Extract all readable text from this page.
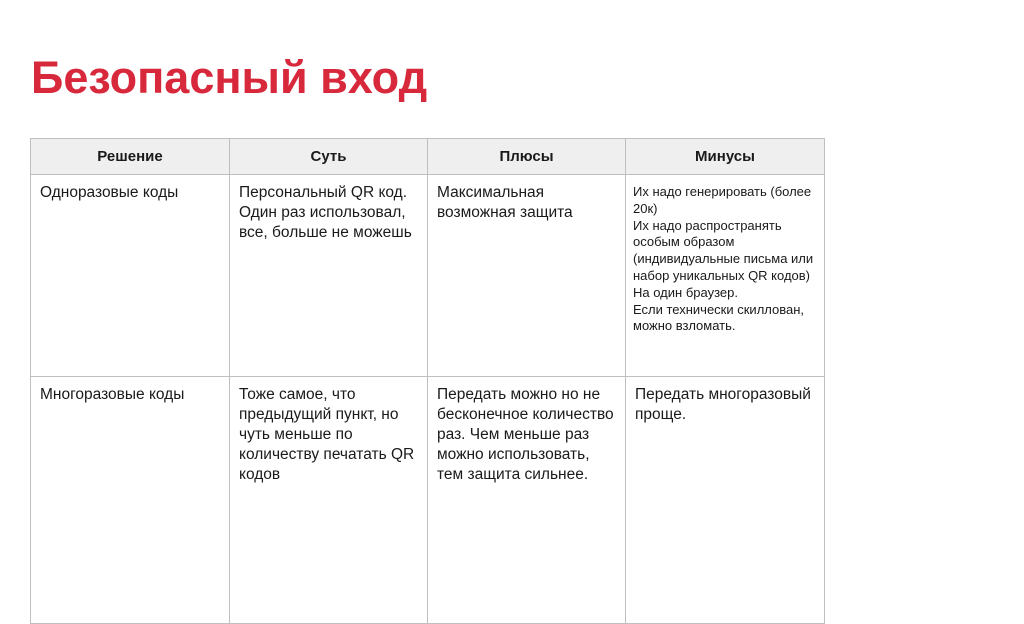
Безопасный вход
Решение	Суть	Плюсы	Минусы
Одноразовые коды	Персональный QR код. Один раз использовал, все, больше не можешь	Максимальная возможная защита	Их надо генерировать (более 20к)
Их надо распространять особым образом (индивидуальные письма или набор уникальных QR кодов)
На один браузер.
Если технически скиллован, можно взломать.

Многоразовые коды	Тоже самое, что предыдущий пункт, но чуть меньше по количеству печатать QR кодов	Передать можно но не бесконечное количество раз. Чем меньше раз можно использовать, тем защита сильнее.	Передать многоразовый проще.
